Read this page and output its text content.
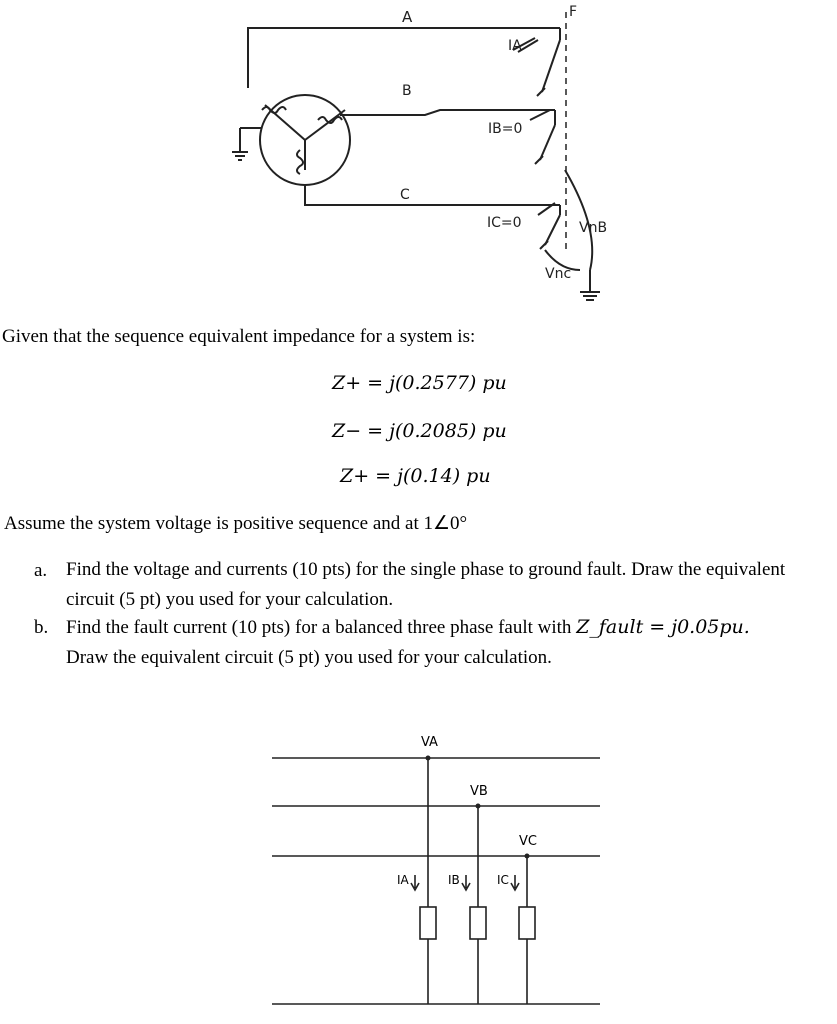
A
B
C
F
IA
IB=0
IC=0	VnB
Vnc
Given that the sequence equivalent impedance for a system is:
Z+ = j(0.2577) pu
Z− = j(0.2085) pu
Z+ = j(0.14) pu
Assume the system voltage is positive sequence and at 1∠0°
a. Find the voltage and currents (10 pts) for the single phase to ground fault. Draw the equivalent circuit (5 pt) you used for your calculation.
b. Find the fault current (10 pts) for a balanced three phase fault with Z_fault = j0.05pu.
Draw the equivalent circuit (5 pt) you used for your calculation.
VA
VB
VC
IA	IB	IC
